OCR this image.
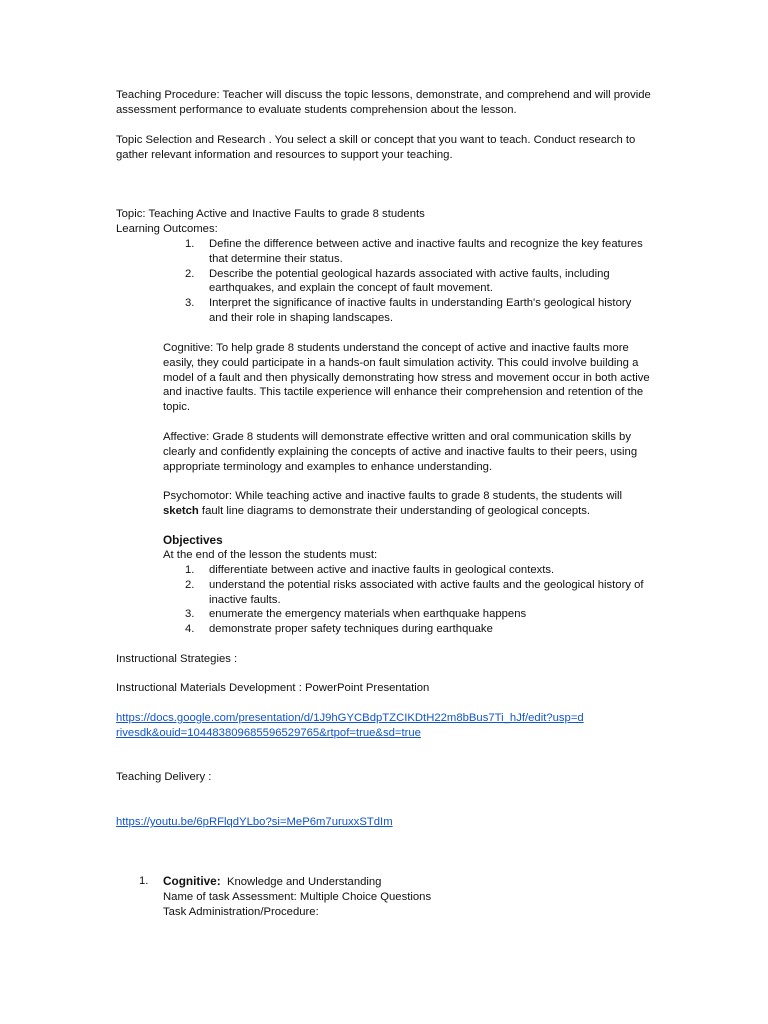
Teaching Procedure: Teacher will discuss the topic lessons, demonstrate, and comprehend and will provide assessment performance to evaluate students comprehension about the lesson.

Topic Selection and Research . You select a skill or concept that you want to teach. Conduct research to gather relevant information and resources to support your teaching.

Topic: Teaching Active and Inactive Faults to grade 8 students

Learning Outcomes:

1. Define the difference between active and inactive faults and recognize the key features that determine their status.
2. Describe the potential geological hazards associated with active faults, including earthquakes, and explain the concept of fault movement.
3. Interpret the significance of inactive faults in understanding Earth's geological history and their role in shaping landscapes.

Cognitive: To help grade 8 students understand the concept of active and inactive faults more easily, they could participate in a hands-on fault simulation activity. This could involve building a model of a fault and then physically demonstrating how stress and movement occur in both active and inactive faults. This tactile experience will enhance their comprehension and retention of the topic.

Affective: Grade 8 students will demonstrate effective written and oral communication skills by clearly and confidently explaining the concepts of active and inactive faults to their peers, using appropriate terminology and examples to enhance understanding.

Psychomotor: While teaching active and inactive faults to grade 8 students, the students will sketch fault line diagrams to demonstrate their understanding of geological concepts.

Objectives

At the end of the lesson the students must:

1. differentiate between active and inactive faults in geological contexts.
2. understand the potential risks associated with active faults and the geological history of inactive faults.
3. enumerate the emergency materials when earthquake happens
4. demonstrate proper safety techniques during earthquake

Instructional Strategies :

Instructional Materials Development : PowerPoint Presentation

https://docs.google.com/presentation/d/1J9hGYCBdpTZCIKDtH22m8bBus7Ti_hJf/edit?usp=drivesdk&ouid=104483809685596529765&rtpof=true&sd=true

Teaching Delivery :

https://youtu.be/6pRFlqdYLbo?si=MeP6m7uruxxSTdIm

1. Cognitive:  Knowledge and Understanding

Name of task Assessment: Multiple Choice Questions

Task Administration/Procedure:
